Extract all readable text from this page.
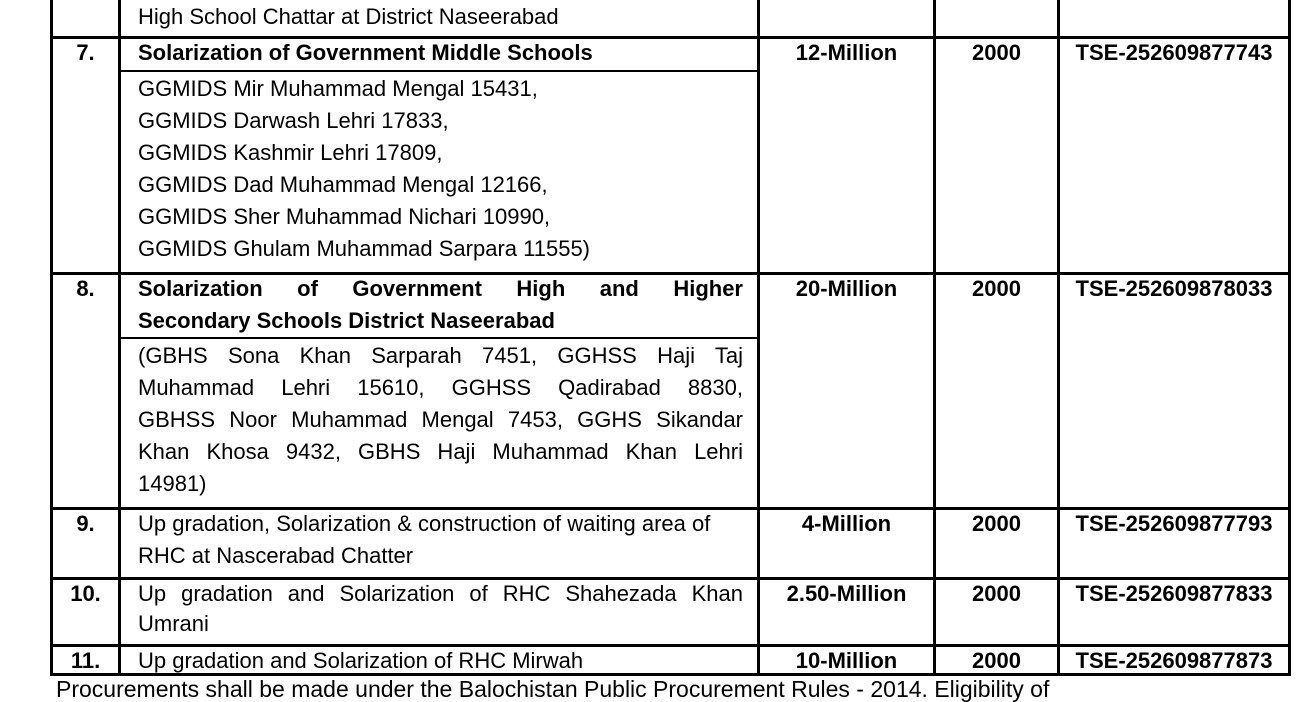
High School Chattar at District Naseerabad
7.	Solarization of Government Middle Schools
GGMIDS Mir Muhammad Mengal 15431,
GGMIDS Darwash Lehri 17833,
GGMIDS Kashmir Lehri 17809,
GGMIDS Dad Muhammad Mengal 12166,
GGMIDS Sher Muhammad Nichari 10990,
GGMIDS Ghulam Muhammad Sarpara 11555)
12-Million	2000	TSE-252609877743
8.	Solarization of Government High and Higher
Secondary Schools District Naseerabad
(GBHS Sona Khan Sarparah 7451, GGHSS Haji Taj
Muhammad Lehri 15610, GGHSS Qadirabad 8830,
GBHSS Noor Muhammad Mengal 7453, GGHS Sikandar
Khan Khosa 9432, GBHS Haji Muhammad Khan Lehri
14981)
20-Million	2000	TSE-252609878033
9.	Up gradation, Solarization & construction of waiting area of
RHC at Nascerabad Chatter
4-Million	2000	TSE-252609877793
10.	Up gradation and Solarization of RHC Shahezada Khan
Umrani
2.50-Million	2000	TSE-252609877833
11.	Up gradation and Solarization of RHC Mirwah	10-Million	2000	TSE-252609877873
Procurements shall be made under the Balochistan Public Procurement Rules - 2014. Eligibility of
